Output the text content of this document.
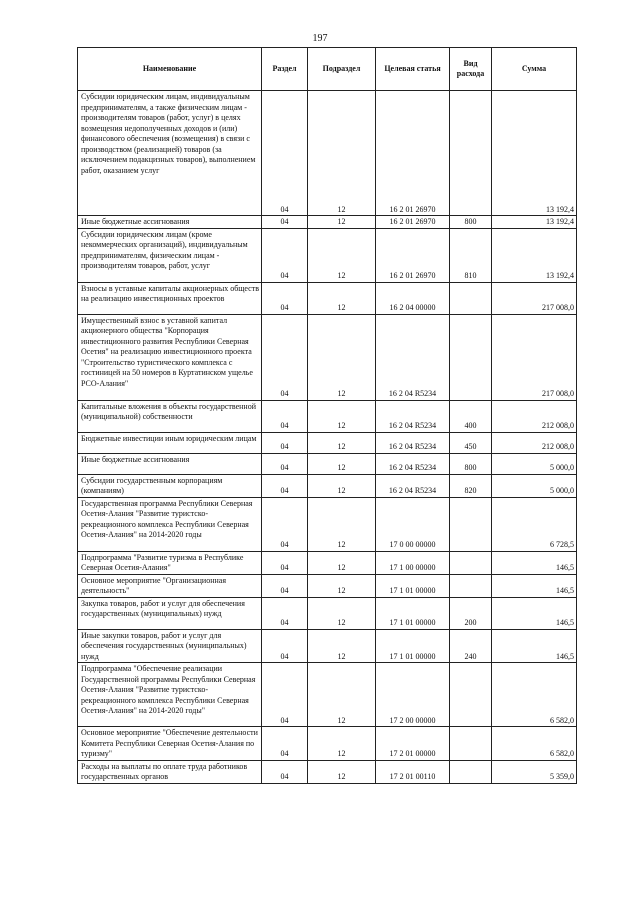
197
Наименование	Раздел	Подраздел	Целевая статья	Вид расхода	Сумма
Субсидии юридическим лицам, индивидуальным предпринимателям, а также физическим лицам - производителям товаров (работ, услуг) в целях возмещения недополученных доходов и (или) финансового обеспечения (возмещения) в связи с производством (реализацией) товаров (за исключением подакцизных товаров), выполнением работ, оказанием услуг	04	12	16 2 01 26970		13 192,4
Иные бюджетные ассигнования	04	12	16 2 01 26970	800	13 192,4
Субсидии юридическим лицам (кроме некоммерческих организаций), индивидуальным предпринимателям, физическим лицам - производителям товаров, работ, услуг	04	12	16 2 01 26970	810	13 192,4
Взносы в уставные капиталы акционерных обществ на реализацию инвестиционных проектов	04	12	16 2 04 00000		217 008,0
Имущественный взнос в уставной капитал акционерного общества "Корпорация инвестиционного развития Республики Северная Осетия" на реализацию инвестиционного проекта "Строительство туристического комплекса с гостиницей на 50 номеров в Куртатинском ущелье РСО-Алания"	04	12	16 2 04 R5234		217 008,0
Капитальные вложения в объекты государственной (муниципальной) собственности	04	12	16 2 04 R5234	400	212 008,0
Бюджетные инвестиции иным юридическим лицам	04	12	16 2 04 R5234	450	212 008,0
Иные бюджетные ассигнования	04	12	16 2 04 R5234	800	5 000,0
Субсидии государственным корпорациям (компаниям)	04	12	16 2 04 R5234	820	5 000,0
Государственная программа Республики Северная Осетия-Алания "Развитие туристско-рекреационного комплекса Республики Северная Осетия-Алания" на 2014-2020 годы	04	12	17 0 00 00000		6 728,5
Подпрограмма "Развитие туризма в Республике Северная Осетия-Алания"	04	12	17 1 00 00000		146,5
Основное мероприятие "Организационная деятельность"	04	12	17 1 01 00000		146,5
Закупка товаров, работ и услуг для обеспечения государственных (муниципальных) нужд	04	12	17 1 01 00000	200	146,5
Иные закупки товаров, работ и услуг для обеспечения государственных (муниципальных) нужд	04	12	17 1 01 00000	240	146,5
Подпрограмма "Обеспечение реализации Государственной программы Республики Северная Осетия-Алания "Развитие туристско-рекреационного комплекса Республики Северная Осетия-Алания" на 2014-2020 годы"	04	12	17 2 00 00000		6 582,0
Основное мероприятие "Обеспечение деятельности Комитета Республики Северная Осетия-Алания по туризму"	04	12	17 2 01 00000		6 582,0
Расходы на выплаты по оплате труда работников государственных органов	04	12	17 2 01 00110		5 359,0
